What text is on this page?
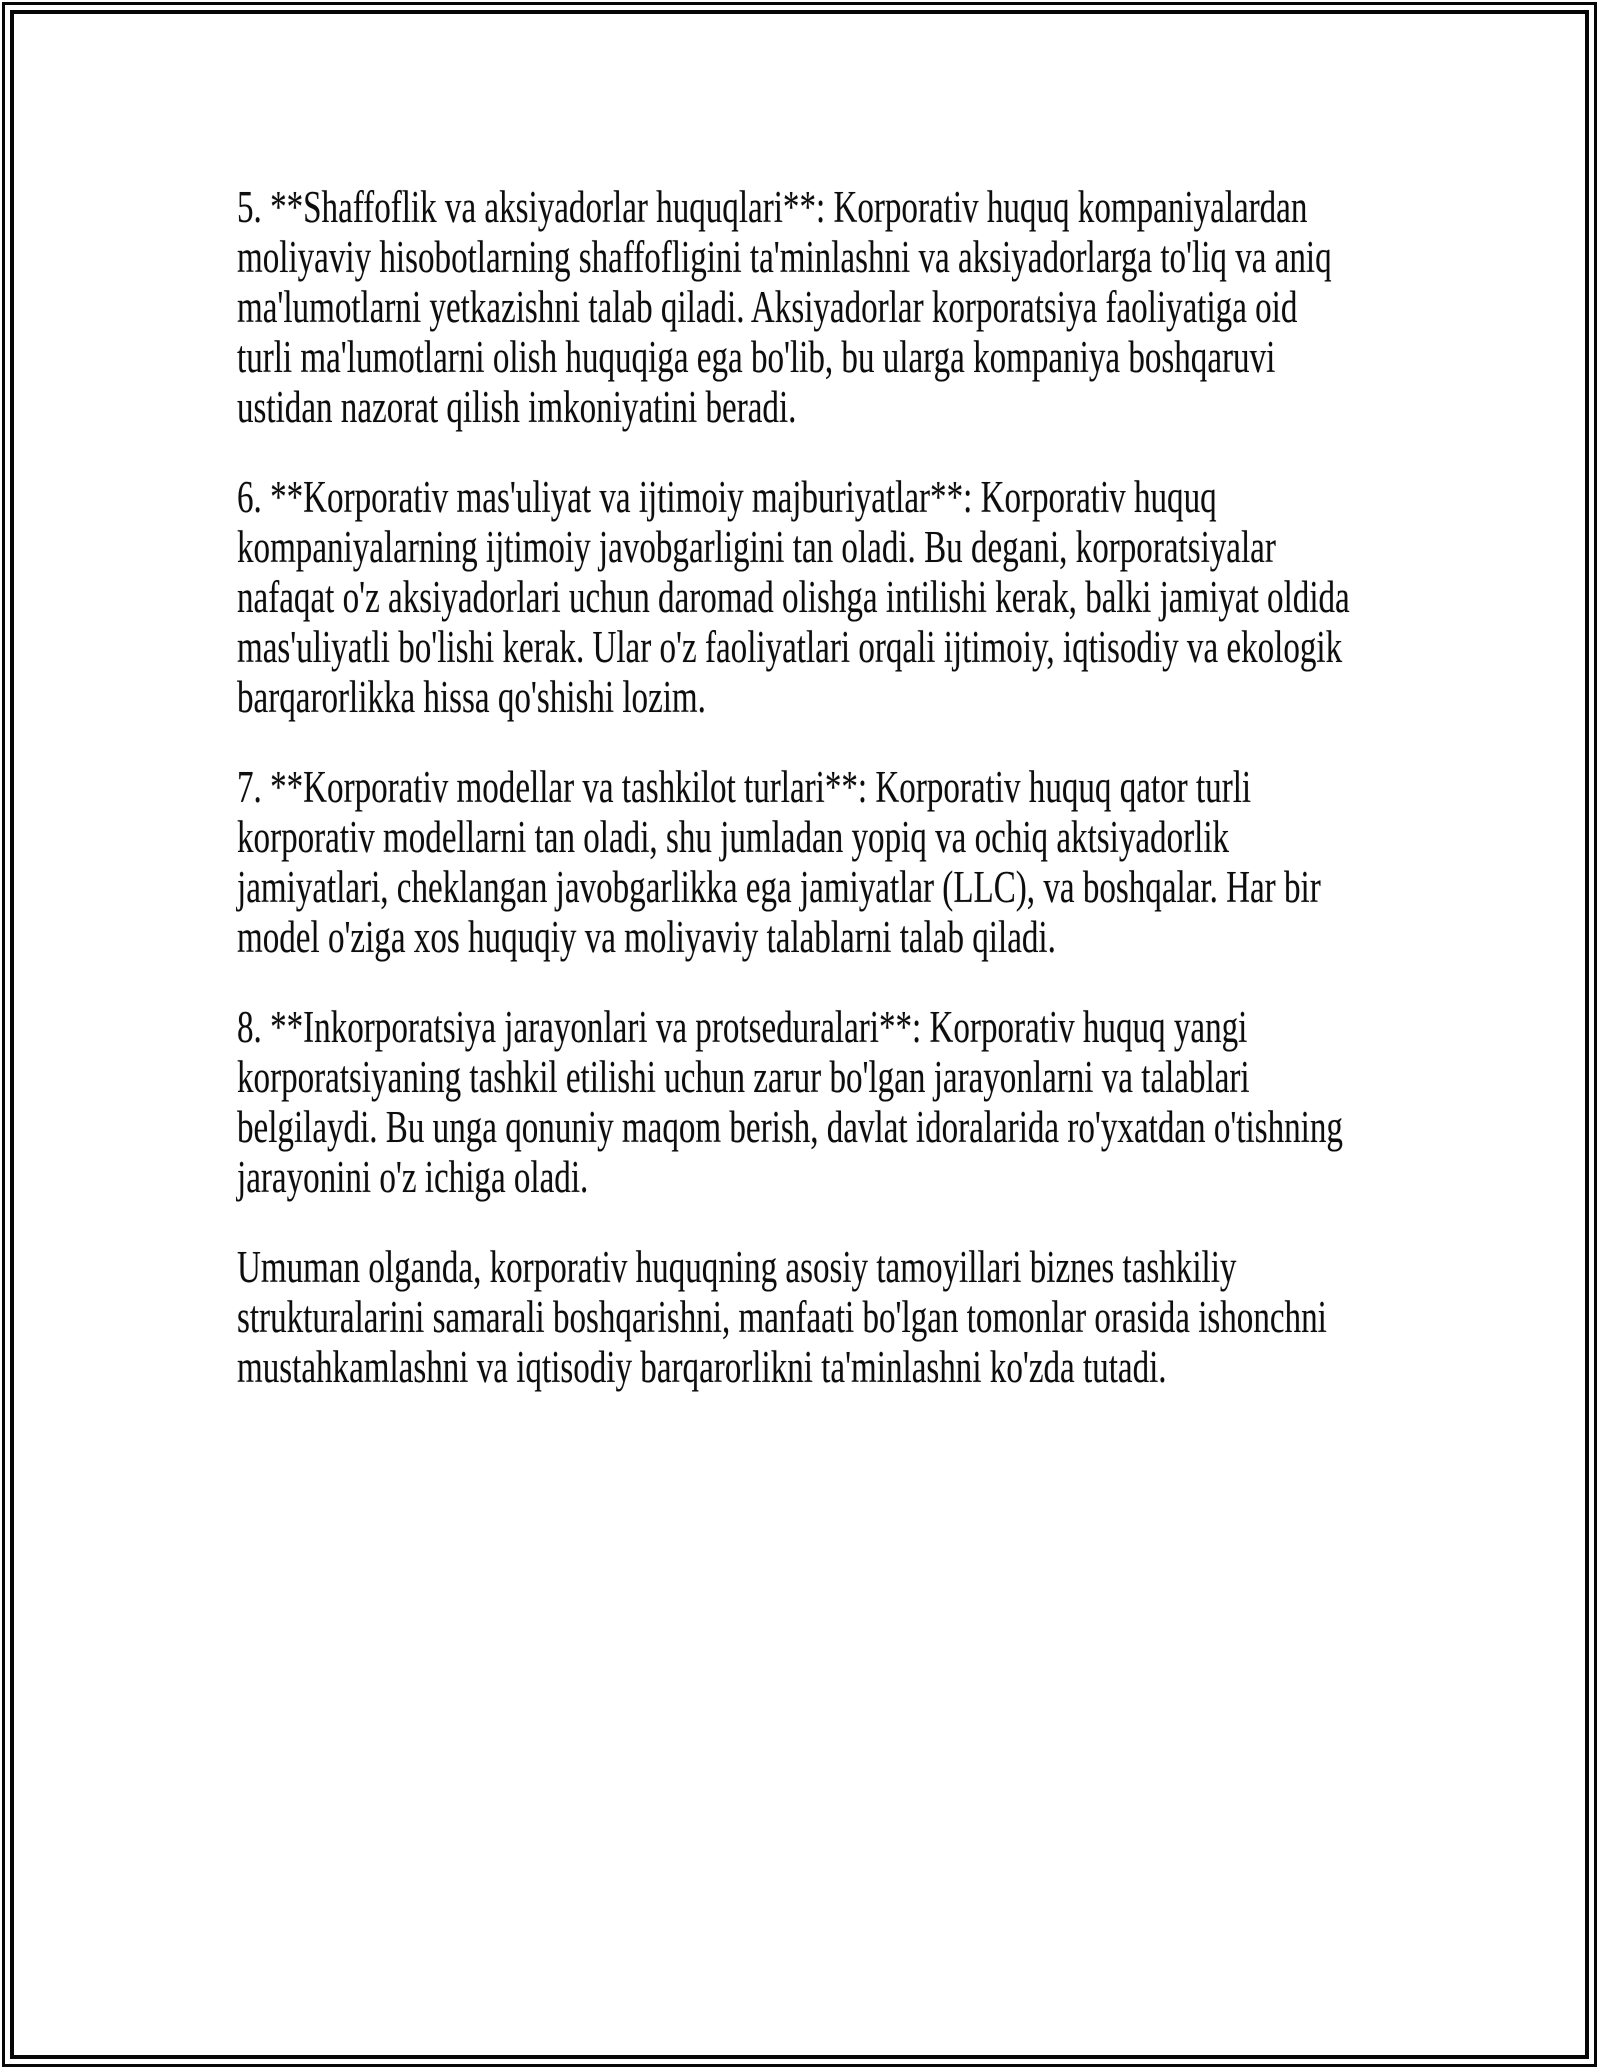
5. **Shaffoflik va aksiyadorlar huquqlari**: Korporativ huquq kompaniyalardan moliyaviy hisobotlarning shaffofligini ta'minlashni va aksiyadorlarga to'liq va aniq ma'lumotlarni yetkazishni talab qiladi. Aksiyadorlar korporatsiya faoliyatiga oid turli ma'lumotlarni olish huquqiga ega bo'lib, bu ularga kompaniya boshqaruvi ustidan nazorat qilish imkoniyatini beradi.

6. **Korporativ mas'uliyat va ijtimoiy majburiyatlar**: Korporativ huquq kompaniyalarning ijtimoiy javobgarligini tan oladi. Bu degani, korporatsiyalar nafaqat o'z aksiyadorlari uchun daromad olishga intilishi kerak, balki jamiyat oldida mas'uliyatli bo'lishi kerak. Ular o'z faoliyatlari orqali ijtimoiy, iqtisodiy va ekologik barqarorlikka hissa qo'shishi lozim.

7. **Korporativ modellar va tashkilot turlari**: Korporativ huquq qator turli korporativ modellarni tan oladi, shu jumladan yopiq va ochiq aktsiyadorlik jamiyatlari, cheklangan javobgarlikka ega jamiyatlar (LLC), va boshqalar. Har bir model o'ziga xos huquqiy va moliyaviy talablarni talab qiladi.

8. **Inkorporatsiya jarayonlari va protseduralari**: Korporativ huquq yangi korporatsiyaning tashkil etilishi uchun zarur bo'lgan jarayonlarni va talablari belgilaydi. Bu unga qonuniy maqom berish, davlat idoralarida ro'yxatdan o'tishning jarayonini o'z ichiga oladi.

Umuman olganda, korporativ huquqning asosiy tamoyillari biznes tashkiliy strukturalarini samarali boshqarishni, manfaati bo'lgan tomonlar orasida ishonchni mustahkamlashni va iqtisodiy barqarorlikni ta'minlashni ko'zda tutadi.
